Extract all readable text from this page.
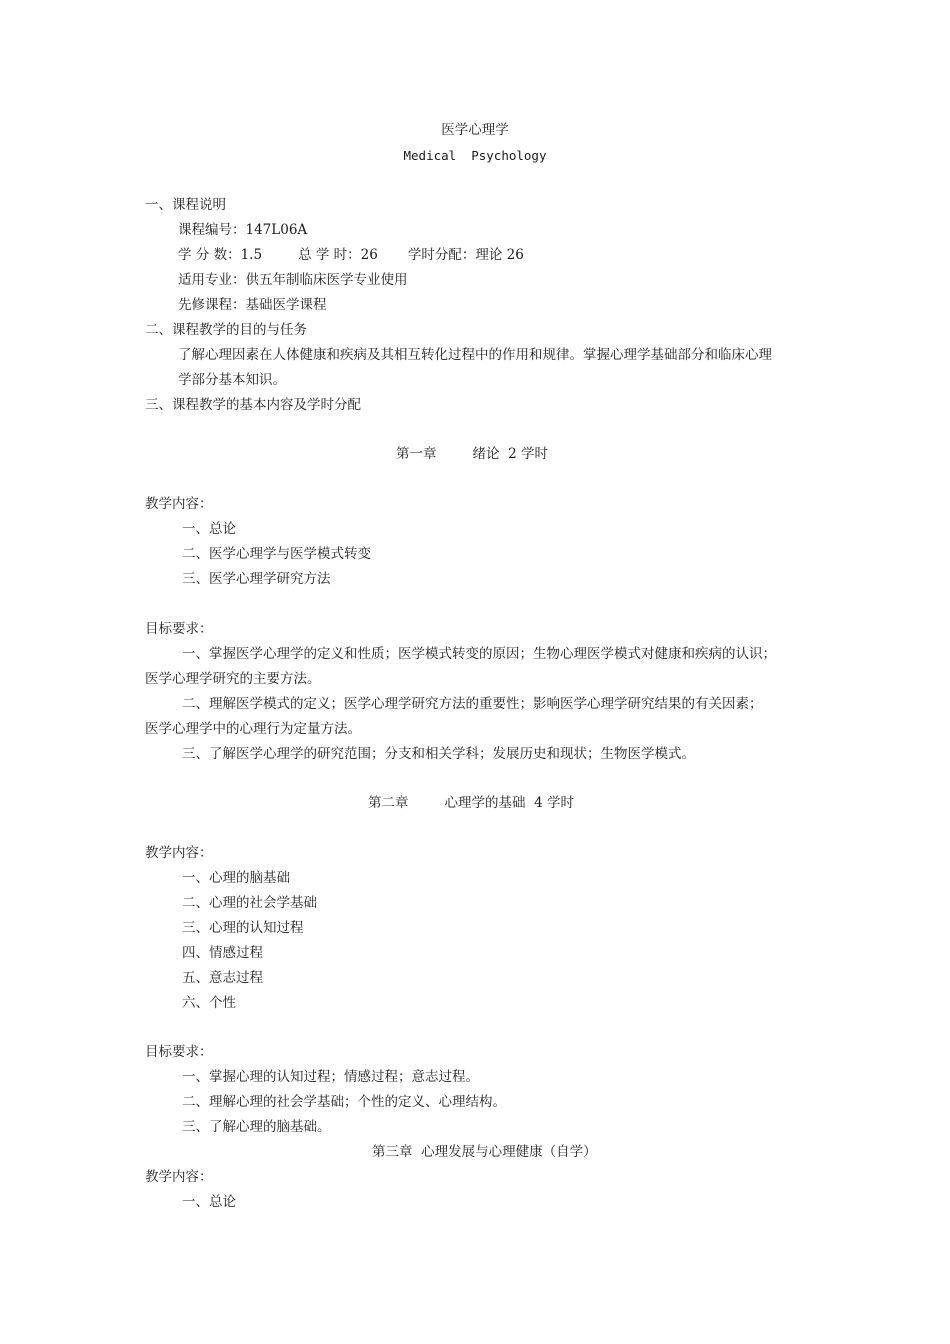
医学心理学
Medical  Psychology
一、课程说明
课程编号：147L06A
学 分 数：1.5	总 学 时：26 学时分配：理论 26
适用专业：供五年制临床医学专业使用
先修课程：基础医学课程
二、课程教学的目的与任务
了解心理因素在人体健康和疾病及其相互转化过程中的作用和规律。掌握心理学基础部分和临床心理
学部分基本知识。
三、课程教学的基本内容及学时分配
第一章	绪论  2 学时
教学内容：
一、总论
二、医学心理学与医学模式转变
三、医学心理学研究方法
目标要求：
一、掌握医学心理学的定义和性质；医学模式转变的原因；生物心理医学模式对健康和疾病的认识；
医学心理学研究的主要方法。
二、理解医学模式的定义；医学心理学研究方法的重要性；影响医学心理学研究结果的有关因素；
医学心理学中的心理行为定量方法。
三、了解医学心理学的研究范围；分支和相关学科；发展历史和现状；生物医学模式。
第二章	心理学的基础  4 学时
教学内容：
一、心理的脑基础
二、心理的社会学基础
三、心理的认知过程
四、情感过程
五、意志过程
六、个性
目标要求：
一、掌握心理的认知过程；情感过程；意志过程。
二、理解心理的社会学基础；个性的定义、心理结构。
三、了解心理的脑基础。
第三章  心理发展与心理健康（自学）
教学内容：
一、总论
